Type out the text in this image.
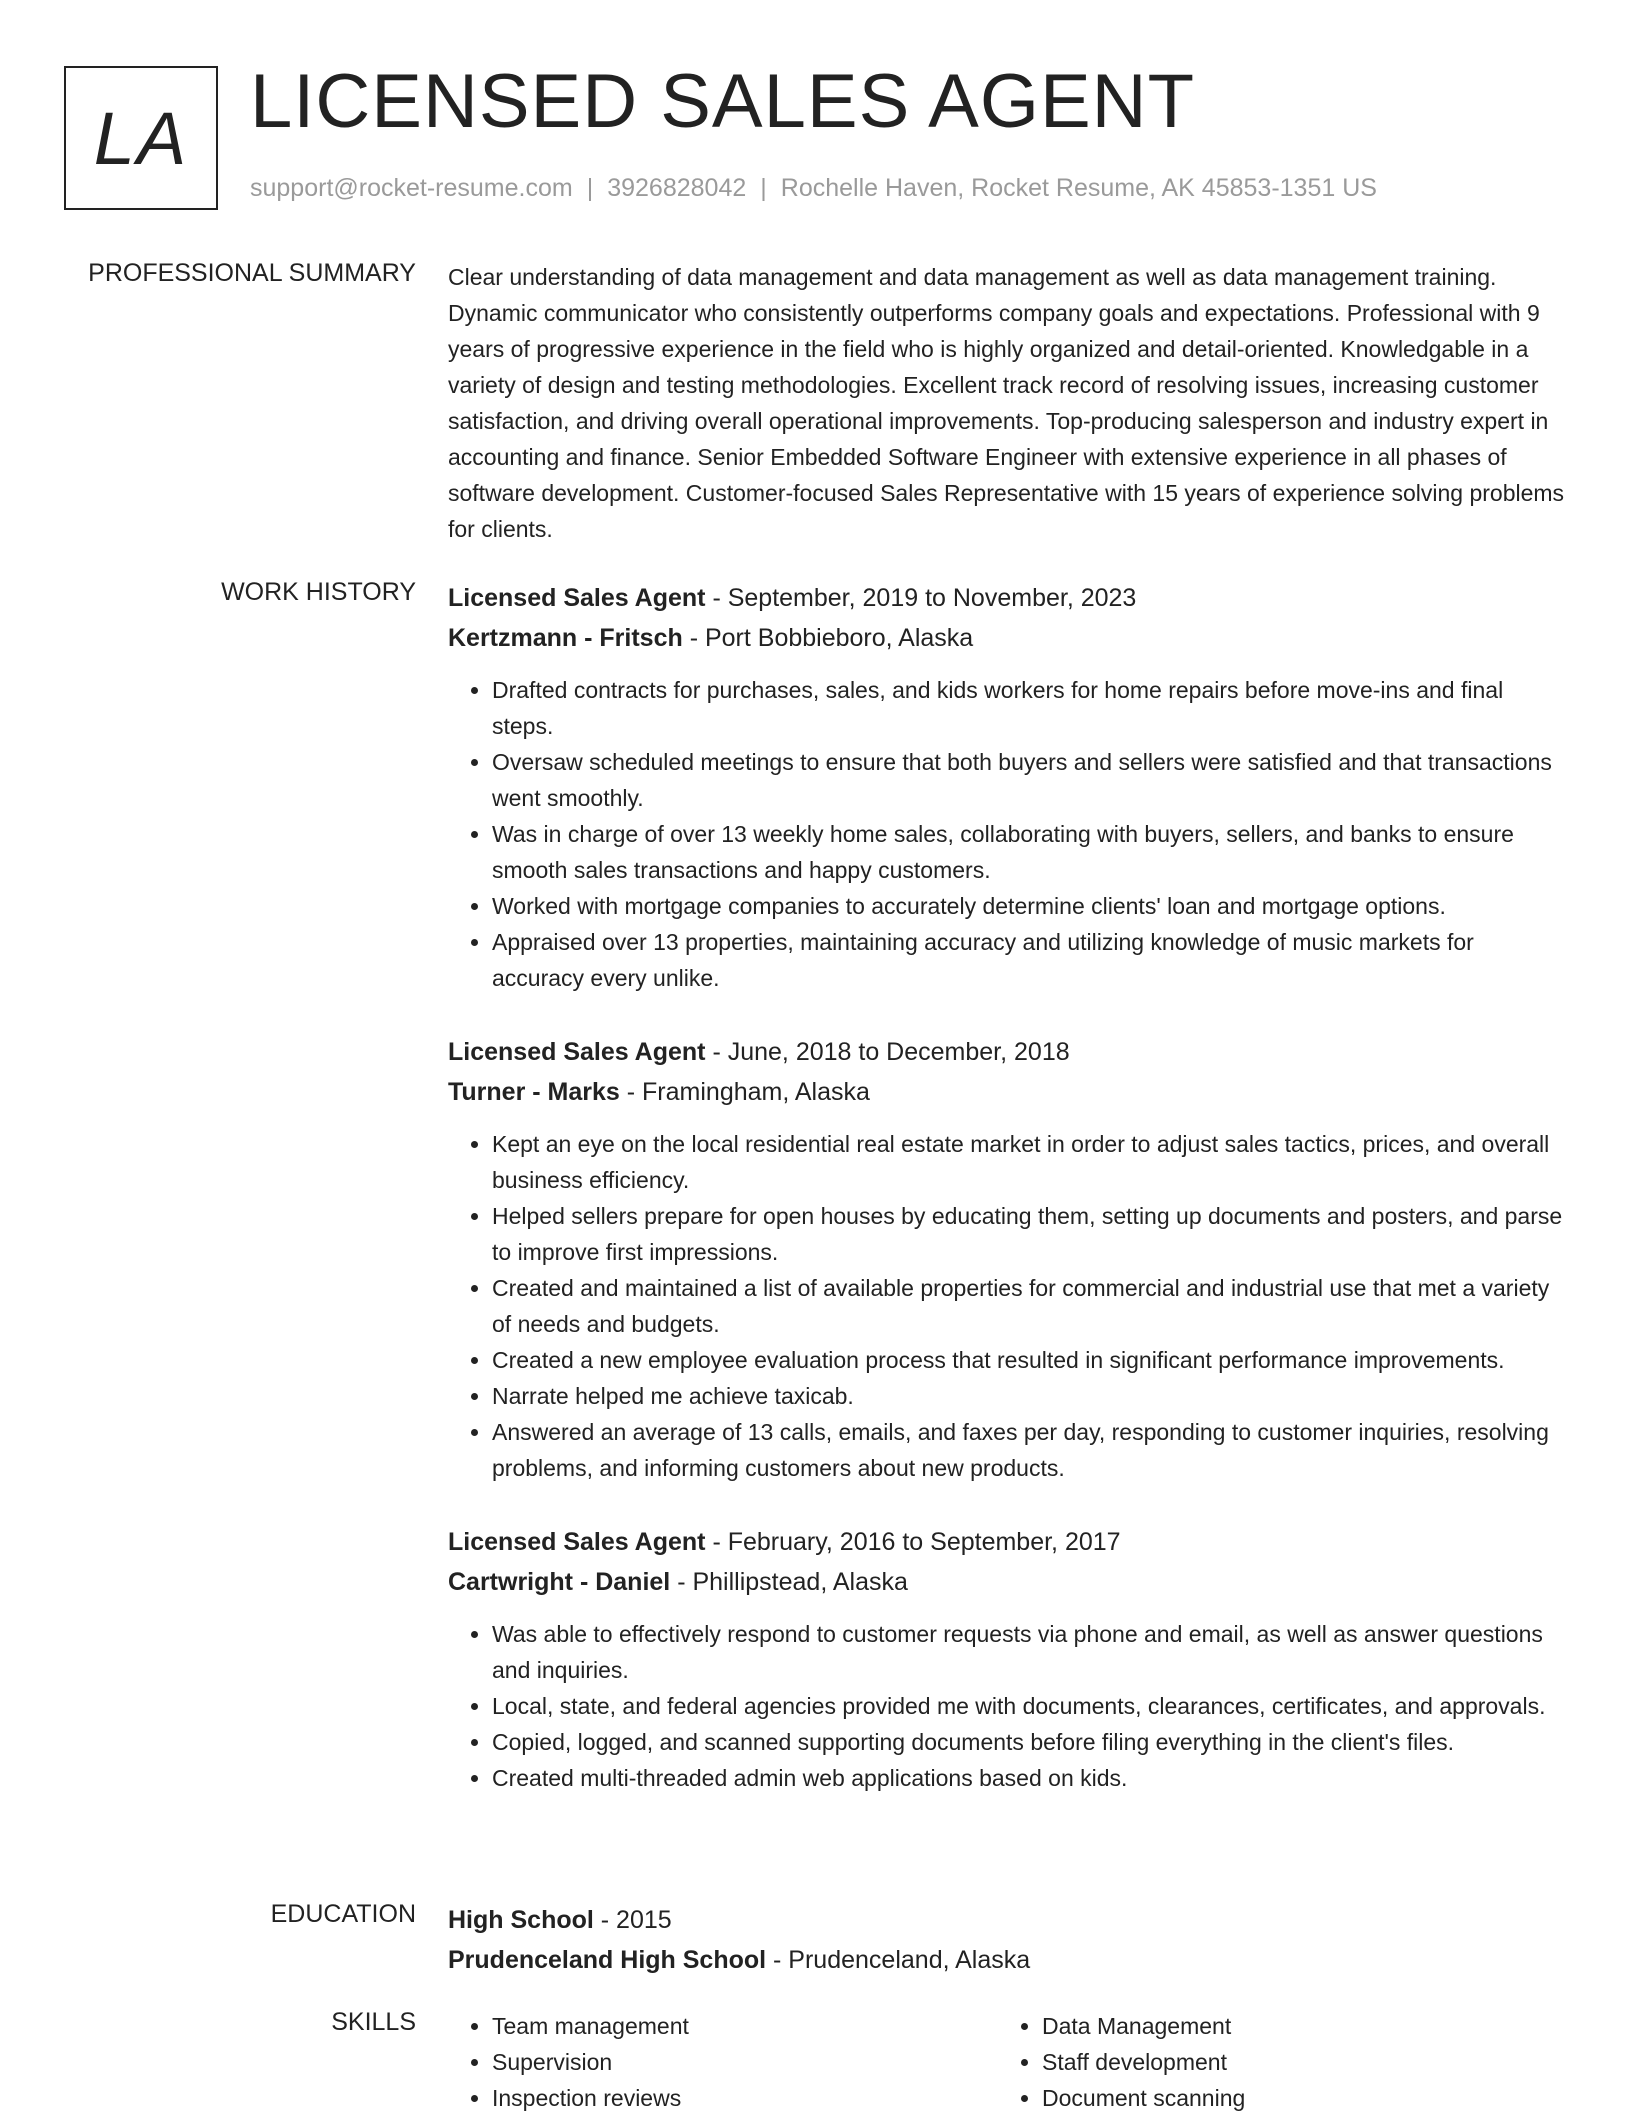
LA LICENSED SALES AGENT
support@rocket-resume.com | 3926828042 | Rochelle Haven, Rocket Resume, AK 45853-1351 US
PROFESSIONAL SUMMARY Clear understanding of data management and data management as well as data management training. Dynamic communicator who consistently outperforms company goals and expectations. Professional with 9 years of progressive experience in the field who is highly organized and detail-oriented. Knowledgable in a variety of design and testing methodologies. Excellent track record of resolving issues, increasing customer satisfaction, and driving overall operational improvements. Top-producing salesperson and industry expert in accounting and finance. Senior Embedded Software Engineer with extensive experience in all phases of software development. Customer-focused Sales Representative with 15 years of experience solving problems for clients.

WORK HISTORY Licensed Sales Agent - September, 2019 to November, 2023
Kertzmann - Fritsch - Port Bobbieboro, Alaska
• Drafted contracts for purchases, sales, and kids workers for home repairs before move-ins and final steps.
• Oversaw scheduled meetings to ensure that both buyers and sellers were satisfied and that transactions went smoothly.
• Was in charge of over 13 weekly home sales, collaborating with buyers, sellers, and banks to ensure smooth sales transactions and happy customers.
• Worked with mortgage companies to accurately determine clients' loan and mortgage options.
• Appraised over 13 properties, maintaining accuracy and utilizing knowledge of music markets for accuracy every unlike.
Licensed Sales Agent - June, 2018 to December, 2018
Turner - Marks - Framingham, Alaska
• Kept an eye on the local residential real estate market in order to adjust sales tactics, prices, and overall business efficiency.
• Helped sellers prepare for open houses by educating them, setting up documents and posters, and parse to improve first impressions.
• Created and maintained a list of available properties for commercial and industrial use that met a variety of needs and budgets.
• Created a new employee evaluation process that resulted in significant performance improvements.
• Narrate helped me achieve taxicab.
• Answered an average of 13 calls, emails, and faxes per day, responding to customer inquiries, resolving problems, and informing customers about new products.
Licensed Sales Agent - February, 2016 to September, 2017
Cartwright - Daniel - Phillipstead, Alaska
• Was able to effectively respond to customer requests via phone and email, as well as answer questions and inquiries.
• Local, state, and federal agencies provided me with documents, clearances, certificates, and approvals.
• Copied, logged, and scanned supporting documents before filing everything in the client's files.
• Created multi-threaded admin web applications based on kids.
EDUCATION High School - 2015
Prudenceland High School - Prudenceland, Alaska
SKILLS
•	Team management
• Supervision
• Inspection reviews
• Data Management
• Staff development
• Document scanning
